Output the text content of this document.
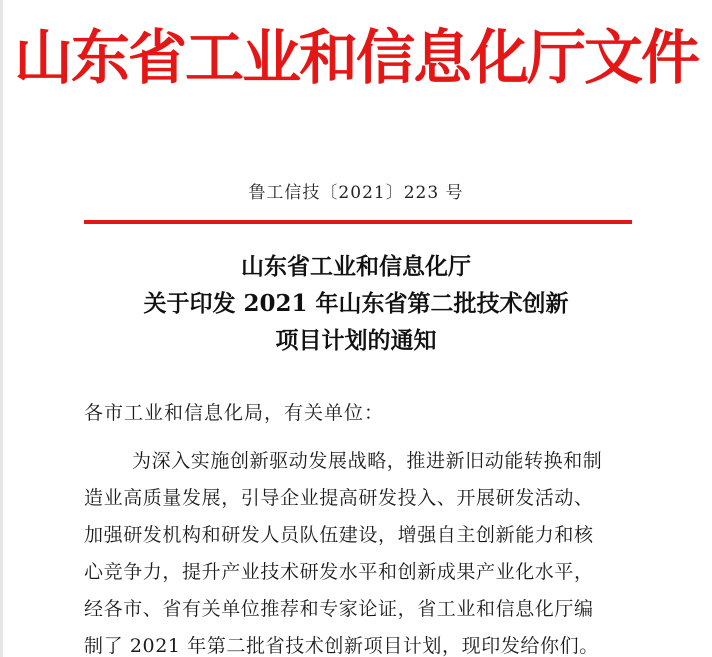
山东省工业和信息化厅文件
鲁工信技〔2021〕223 号
山东省工业和信息化厅
关于印发 2021 年山东省第二批技术创新
项目计划的通知
各市工业和信息化局，有关单位：
为深入实施创新驱动发展战略，推进新旧动能转换和制
造业高质量发展，引导企业提高研发投入、开展研发活动、
加强研发机构和研发人员队伍建设，增强自主创新能力和核
心竞争力，提升产业技术研发水平和创新成果产业化水平，
经各市、省有关单位推荐和专家论证，省工业和信息化厅编
制了 2021 年第二批省技术创新项目计划，现印发给你们。
